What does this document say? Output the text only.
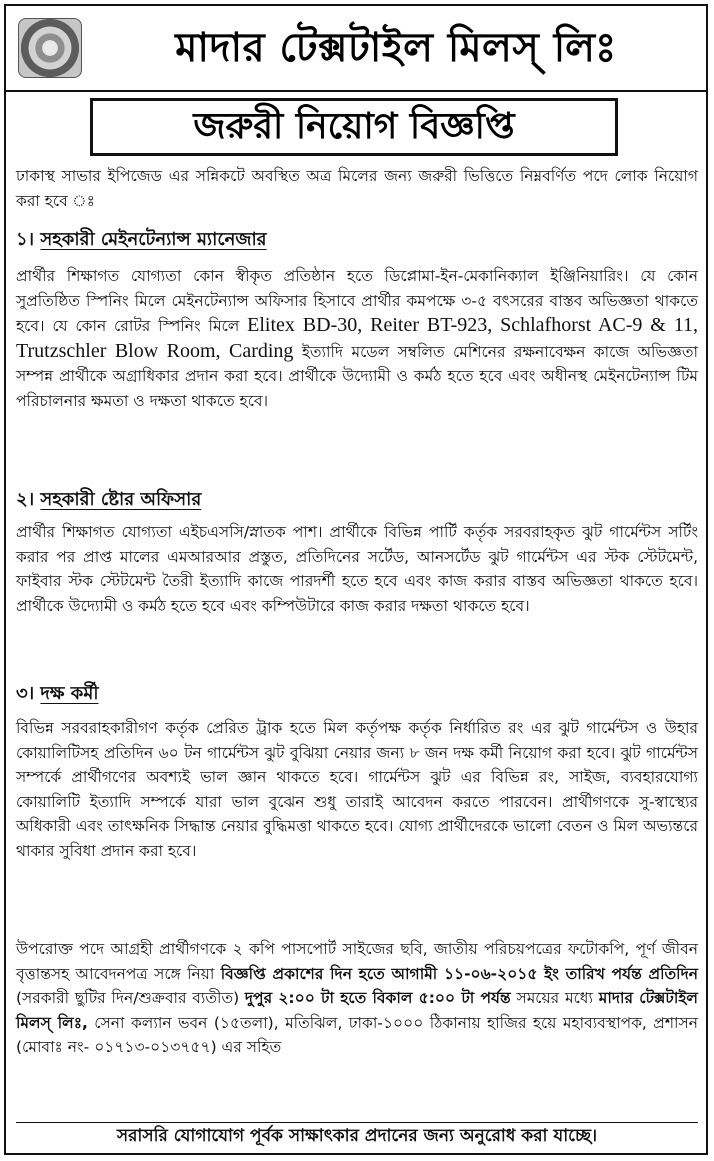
মাদার টেক্সটাইল মিলস্ লিঃ
জরুরী নিয়োগ বিজ্ঞপ্তি

ঢাকাস্থ সাভার ইপিজেড এর সন্নিকটে অবস্থিত অত্র মিলের জন্য জরুরী ভিত্তিতে নিম্নবর্ণিত পদে লোক নিয়োগ করা হবে ঃ

১। সহকারী মেইনটেন্যান্স ম্যানেজার

প্রার্থীর শিক্ষাগত যোগ্যতা কোন স্বীকৃত প্রতিষ্ঠান হতে ডিপ্লোমা-ইন-মেকানিক্যাল ইঞ্জিনিয়ারিং। যে কোন সুপ্রতিষ্ঠিত স্পিনিং মিলে মেইনটেন্যান্স অফিসার হিসাবে প্রার্থীর কমপক্ষে ৩-৫ বৎসরের বাস্তব অভিজ্ঞতা থাকতে হবে। যে কোন রোটর স্পিনিং মিলে Elitex BD-30, Reiter BT-923, Schlafhorst AC-9 & 11, Trutzschler Blow Room, Carding ইত্যাদি মডেল সম্বলিত মেশিনের রক্ষনাবেক্ষন কাজে অভিজ্ঞতা সম্পন্ন প্রার্থীকে অগ্রাধিকার প্রদান করা হবে। প্রার্থীকে উদ্যোমী ও কর্মঠ হতে হবে এবং অধীনস্থ মেইনটেন্যান্স টিম পরিচালনার ক্ষমতা ও দক্ষতা থাকতে হবে।

২। সহকারী ষ্টোর অফিসার

প্রার্থীর শিক্ষাগত যোগ্যতা এইচএসসি/স্নাতক পাশ। প্রার্থীকে বিভিন্ন পার্টি কর্তৃক সরবরাহকৃত ঝুট গার্মেন্টস সর্টিং করার পর প্রাপ্ত মালের এমআরআর প্রস্তুত, প্রতিদিনের সর্টেড, আনসর্টেড ঝুট গার্মেন্টস এর স্টক স্টেটমেন্ট, ফাইবার স্টক স্টেটমেন্ট তৈরী ইত্যাদি কাজে পারদর্শী হতে হবে এবং কাজ করার বাস্তব অভিজ্ঞতা থাকতে হবে। প্রার্থীকে উদ্যোমী ও কর্মঠ হতে হবে এবং কম্পিউটারে কাজ করার দক্ষতা থাকতে হবে।

৩। দক্ষ কর্মী

বিভিন্ন সরবরাহকারীগণ কর্তৃক প্রেরিত ট্রাক হতে মিল কর্তৃপক্ষ কর্তৃক নির্ধারিত রং এর ঝুট গার্মেন্টস ও উহার কোয়ালিটিসহ প্রতিদিন ৬০ টন গার্মেন্টস ঝুট বুঝিয়া নেয়ার জন্য ৮ জন দক্ষ কর্মী নিয়োগ করা হবে। ঝুট গার্মেন্টস সম্পর্কে প্রার্থীগণের অবশ্যই ভাল জ্ঞান থাকতে হবে। গার্মেন্টস ঝুট এর বিভিন্ন রং, সাইজ, ব্যবহারযোগ্য কোয়ালিটি ইত্যাদি সম্পর্কে যারা ভাল বুঝেন শুধু তারাই আবেদন করতে পারবেন। প্রার্থীগণকে সু-স্বাস্থ্যের অধিকারী এবং তাৎক্ষনিক সিদ্ধান্ত নেয়ার বুদ্ধিমত্তা থাকতে হবে। যোগ্য প্রার্থীদেরকে ভালো বেতন ও মিল অভ্যন্তরে থাকার সুবিধা প্রদান করা হবে।

উপরোক্ত পদে আগ্রহী প্রার্থীগণকে ২ কপি পাসপোর্ট সাইজের ছবি, জাতীয় পরিচয়পত্রের ফটোকপি, পূর্ণ জীবন বৃত্তান্তসহ আবেদনপত্র সঙ্গে নিয়া বিজ্ঞপ্তি প্রকাশের দিন হতে আগামী ১১-০৬-২০১৫ ইং তারিখ পর্যন্ত প্রতিদিন (সরকারী ছুটির দিন/শুক্রবার ব্যতীত) দুপুর ২:০০ টা হতে বিকাল ৫:০০ টা পর্যন্ত সময়ের মধ্যে মাদার টেক্সটাইল মিলস্ লিঃ, সেনা কল্যান ভবন (১৫তলা), মতিঝিল, ঢাকা-১০০০ ঠিকানায় হাজির হয়ে মহাব্যবস্থাপক, প্রশাসন (মোবাঃ নং- ০১৭১৩-০১৩৭৫৭) এর সহিত

সরাসরি যোগাযোগ পূর্বক সাক্ষাৎকার প্রদানের জন্য অনুরোধ করা যাচ্ছে।
